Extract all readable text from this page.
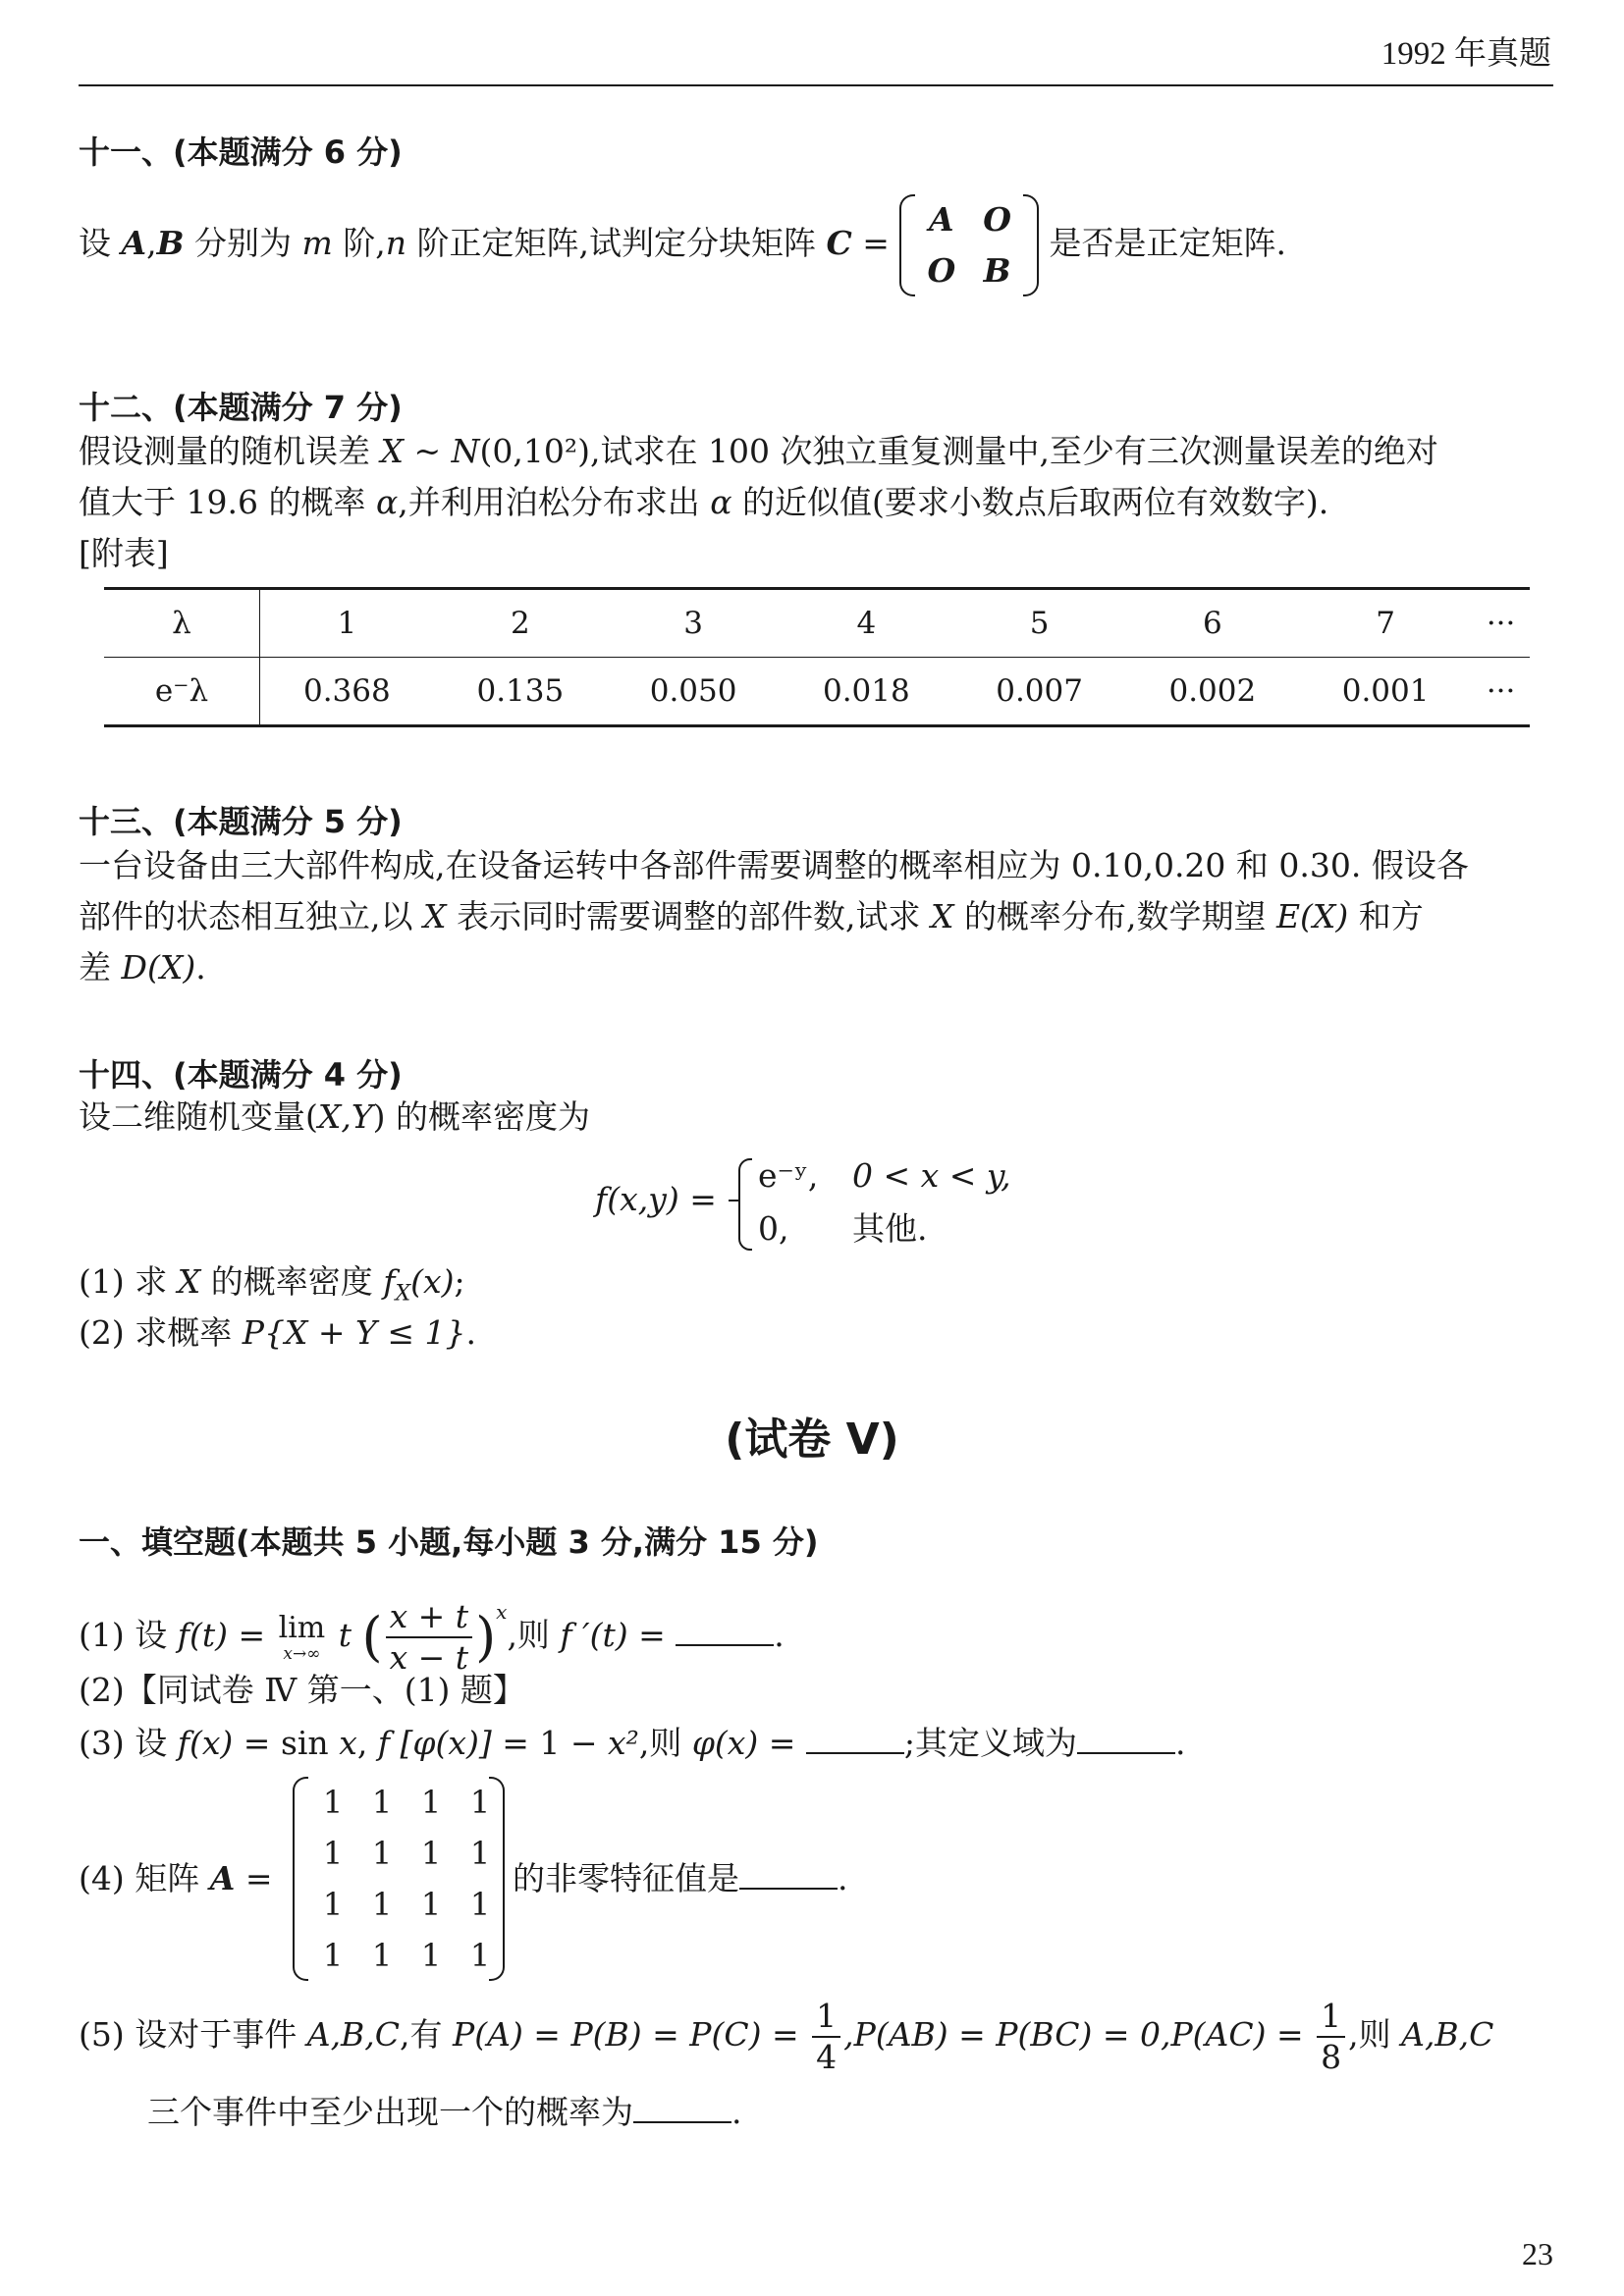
1992 年真题
十一、(本题满分 6 分)
设 A,B 分别为 m 阶,n 阶正定矩阵,试判定分块矩阵 C =
A	O
O	B
是否是正定矩阵.
十二、(本题满分 7 分)
假设测量的随机误差 X ~ N(0,10²),试求在 100 次独立重复测量中,至少有三次测量误差的绝对
值大于 19.6 的概率 α,并利用泊松分布求出 α 的近似值(要求小数点后取两位有效数字).
[附表]
λ	1	2	3	4	5	6	7	···
e⁻λ	0.368	0.135	0.050	0.018	0.007	0.002	0.001	···
十三、(本题满分 5 分)
一台设备由三大部件构成,在设备运转中各部件需要调整的概率相应为 0.10,0.20 和 0.30. 假设各
部件的状态相互独立,以 X 表示同时需要调整的部件数,试求 X 的概率分布,数学期望 E(X) 和方
差 D(X).
十四、(本题满分 4 分)
设二维随机变量(X,Y) 的概率密度为
f(x,y) =
e⁻ʸ, 0 < x < y,
0, 其他.
(1) 求 X 的概率密度 $f_X(x)$;
(2) 求概率 P{X + Y ≤ 1}.
(试卷 Ⅴ)
一、填空题(本题共 5 小题,每小题 3 分,满分 15 分)
(1) 设 f(t) = lim
x→∞ t ( $\frac{x + t}{x - t} )^x$,则 f ′(t) =	.
(2)【同试卷 Ⅳ 第一、(1) 题】
(3) 设 f(x) = sin x, f [φ(x)] = 1 − x²,则 φ(x) =	;其定义域为	.
(4) 矩阵 A =
1	1	1	1
1	1	1	1
1	1	1	1
1	1	1	1
的非零特征值是	.
(5) 设对于事件 A,B,C,有 $P(A) = P(B) = P(C) = \frac{1}{4} ,P(AB) = P(BC) = 0,P(AC) = \frac{1}{8}$ ,则 A,B,C
三个事件中至少出现一个的概率为	.
23
